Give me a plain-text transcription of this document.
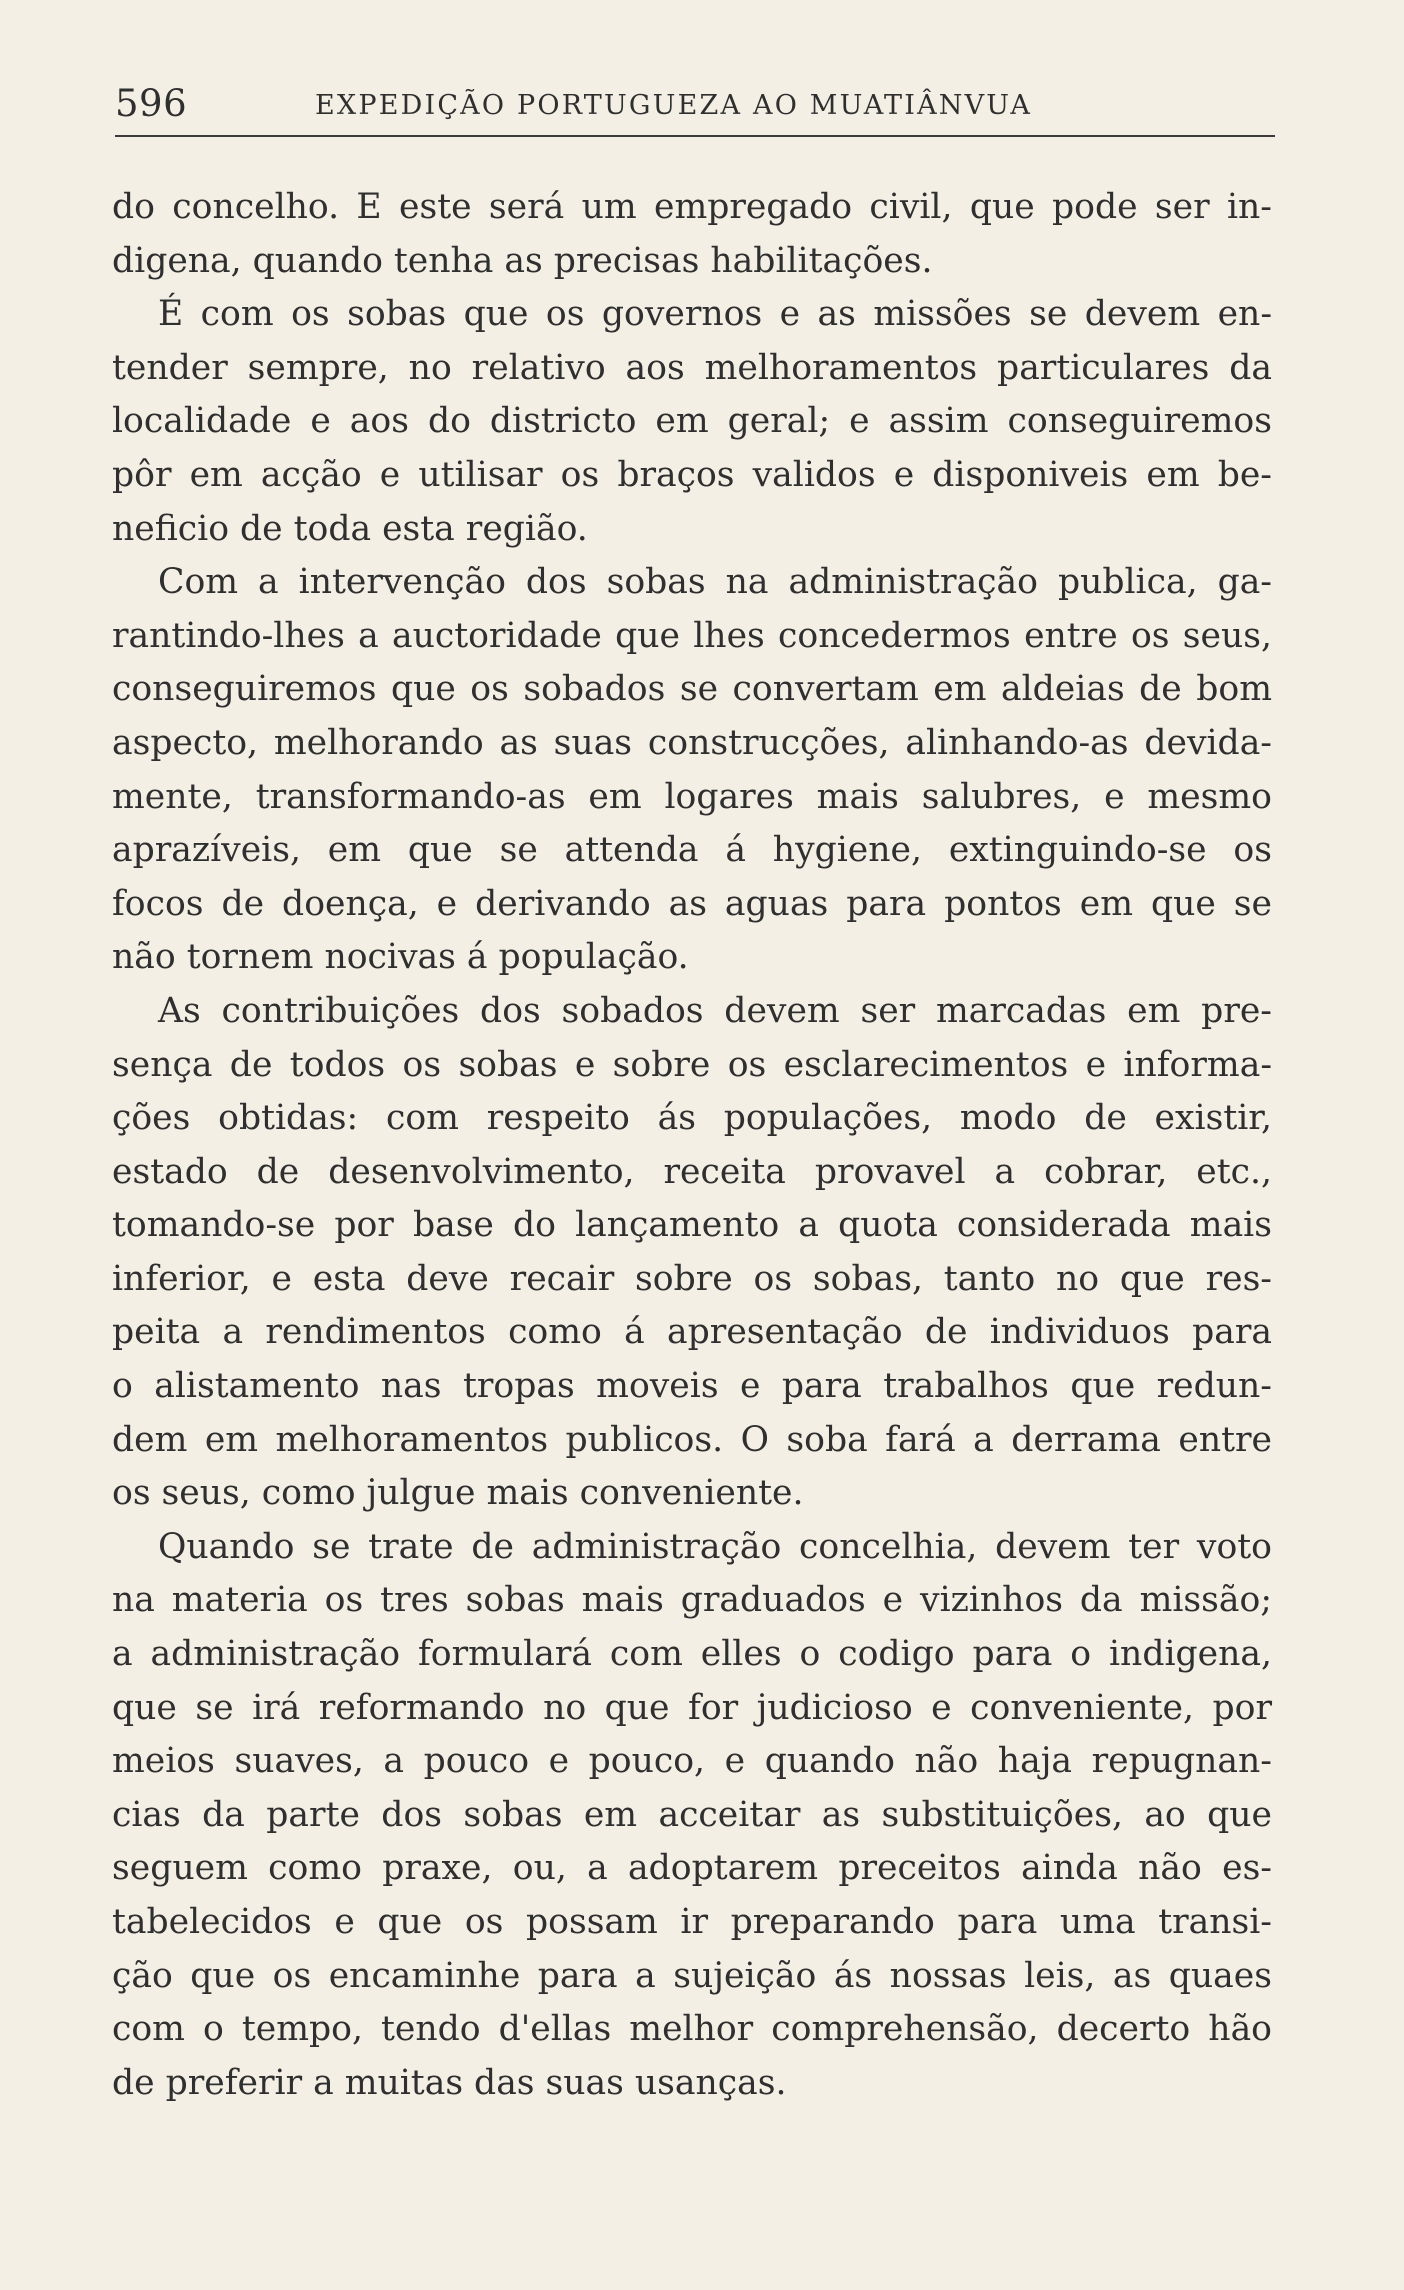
596	EXPEDIÇÃO PORTUGUEZA AO MUATIÂNVUA

do concelho. E este será um empregado civil, que pode ser in-
digena, quando tenha as precisas habilitações.

É com os sobas que os governos e as missões se devem en-
tender sempre, no relativo aos melhoramentos particulares da
localidade e aos do districto em geral; e assim conseguiremos
pôr em acção e utilisar os braços validos e disponiveis em be-
neficio de toda esta região.

Com a intervenção dos sobas na administração publica, ga-
rantindo-lhes a auctoridade que lhes concedermos entre os seus,
conseguiremos que os sobados se convertam em aldeias de bom
aspecto, melhorando as suas construcções, alinhando-as devida-
mente, transformando-as em logares mais salubres, e mesmo
aprazíveis, em que se attenda á hygiene, extinguindo-se os
focos de doença, e derivando as aguas para pontos em que se
não tornem nocivas á população.

As contribuições dos sobados devem ser marcadas em pre-
sença de todos os sobas e sobre os esclarecimentos e informa-
ções obtidas: com respeito ás populações, modo de existir,
estado de desenvolvimento, receita provavel a cobrar, etc.,
tomando-se por base do lançamento a quota considerada mais
inferior, e esta deve recair sobre os sobas, tanto no que res-
peita a rendimentos como á apresentação de individuos para
o alistamento nas tropas moveis e para trabalhos que redun-
dem em melhoramentos publicos. O soba fará a derrama entre
os seus, como julgue mais conveniente.

Quando se trate de administração concelhia, devem ter voto
na materia os tres sobas mais graduados e vizinhos da missão;
a administração formulará com elles o codigo para o indigena,
que se irá reformando no que for judicioso e conveniente, por
meios suaves, a pouco e pouco, e quando não haja repugnan-
cias da parte dos sobas em acceitar as substituições, ao que
seguem como praxe, ou, a adoptarem preceitos ainda não es-
tabelecidos e que os possam ir preparando para uma transi-
ção que os encaminhe para a sujeição ás nossas leis, as quaes
com o tempo, tendo d'ellas melhor comprehensão, decerto hão
de preferir a muitas das suas usanças.
